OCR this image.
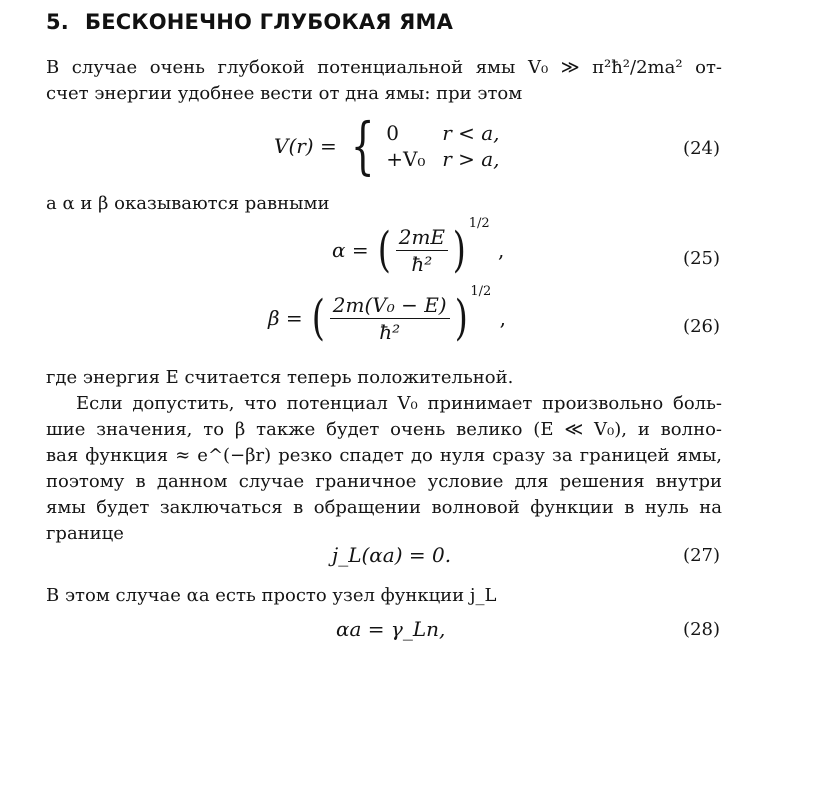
5. БЕСКОНЕЧНО ГЛУБОКАЯ ЯМА
В случае очень глубокой потенциальной ямы V₀ ≫ π²ħ²/2ma² от-
счет энергии удобнее вести от дна ямы: при этом
V(r) = { 0	r < a,
+V₀ r > a,	(24)
а α и β оказываются равными
α = ( $\frac{2mE}{\text{ħ²}}$ ) $^{1/2}$ ,	(25)
β = ( $\frac{\text{2m(V₀ − E)}}{\text{ħ²}}$ ) $^{1/2}$ ,	(26)
где энергия E считается теперь положительной.
Если допустить, что потенциал V₀ принимает произвольно боль-
шие значения, то β также будет очень велико (E ≪ V₀), и волно-
вая функция ≈ e^(−βr) резко спадет до нуля сразу за границей ямы,
поэтому в данном случае граничное условие для решения внутри
ямы будет заключаться в обращении волновой функции в нуль на
границе
j_L(αa) = 0.	(27)
В этом случае αa есть просто узел функции j_L
αa = γ_Ln,	(28)
